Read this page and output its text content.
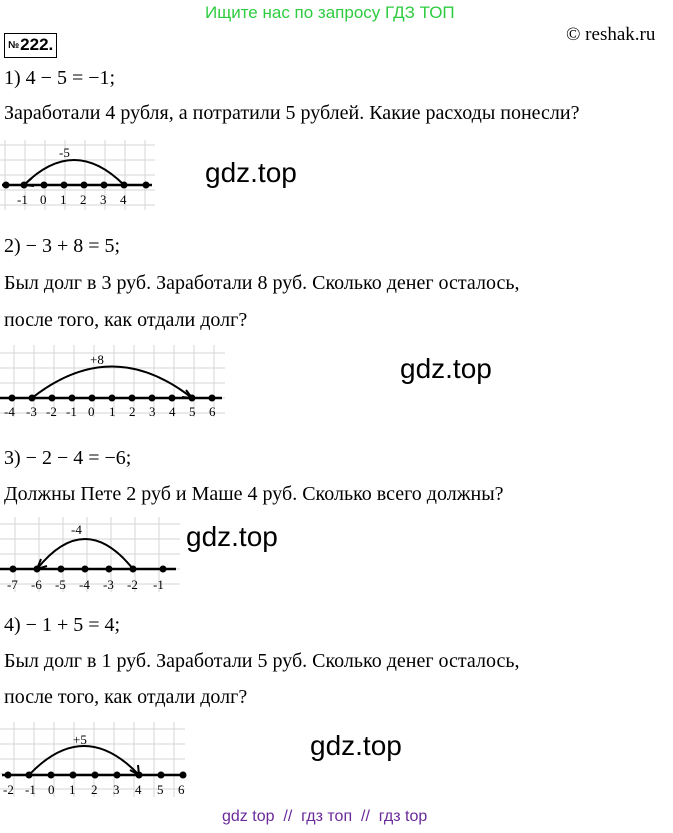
Ищите нас по запросу ГДЗ ТОП
№222.	© reshak.ru
1) 4 − 5 = −1;
Заработали 4 рубля, а потратили 5 рублей. Какие расходы понесли?
-5
-1 0 1 2 3 4
gdz.top
2) − 3 + 8 = 5;
Был долг в 3 руб. Заработали 8 руб. Сколько денег осталось,
после того, как отдали долг?
+8
-4 -3 -2 -1 0 1 2 3 4 5 6
gdz.top
3) − 2 − 4 = −6;
Должны Пете 2 руб и Маше 4 руб. Сколько всего должны?
-4
-7 -6 -5 -4 -3 -2 -1
gdz.top
4) − 1 + 5 = 4;
Был долг в 1 руб. Заработали 5 руб. Сколько денег осталось,
после того, как отдали долг?
+5
-2 -1 0 1 2 3 4 5 6
gdz.top
gdz top  //  гдз топ  //  гдз top
